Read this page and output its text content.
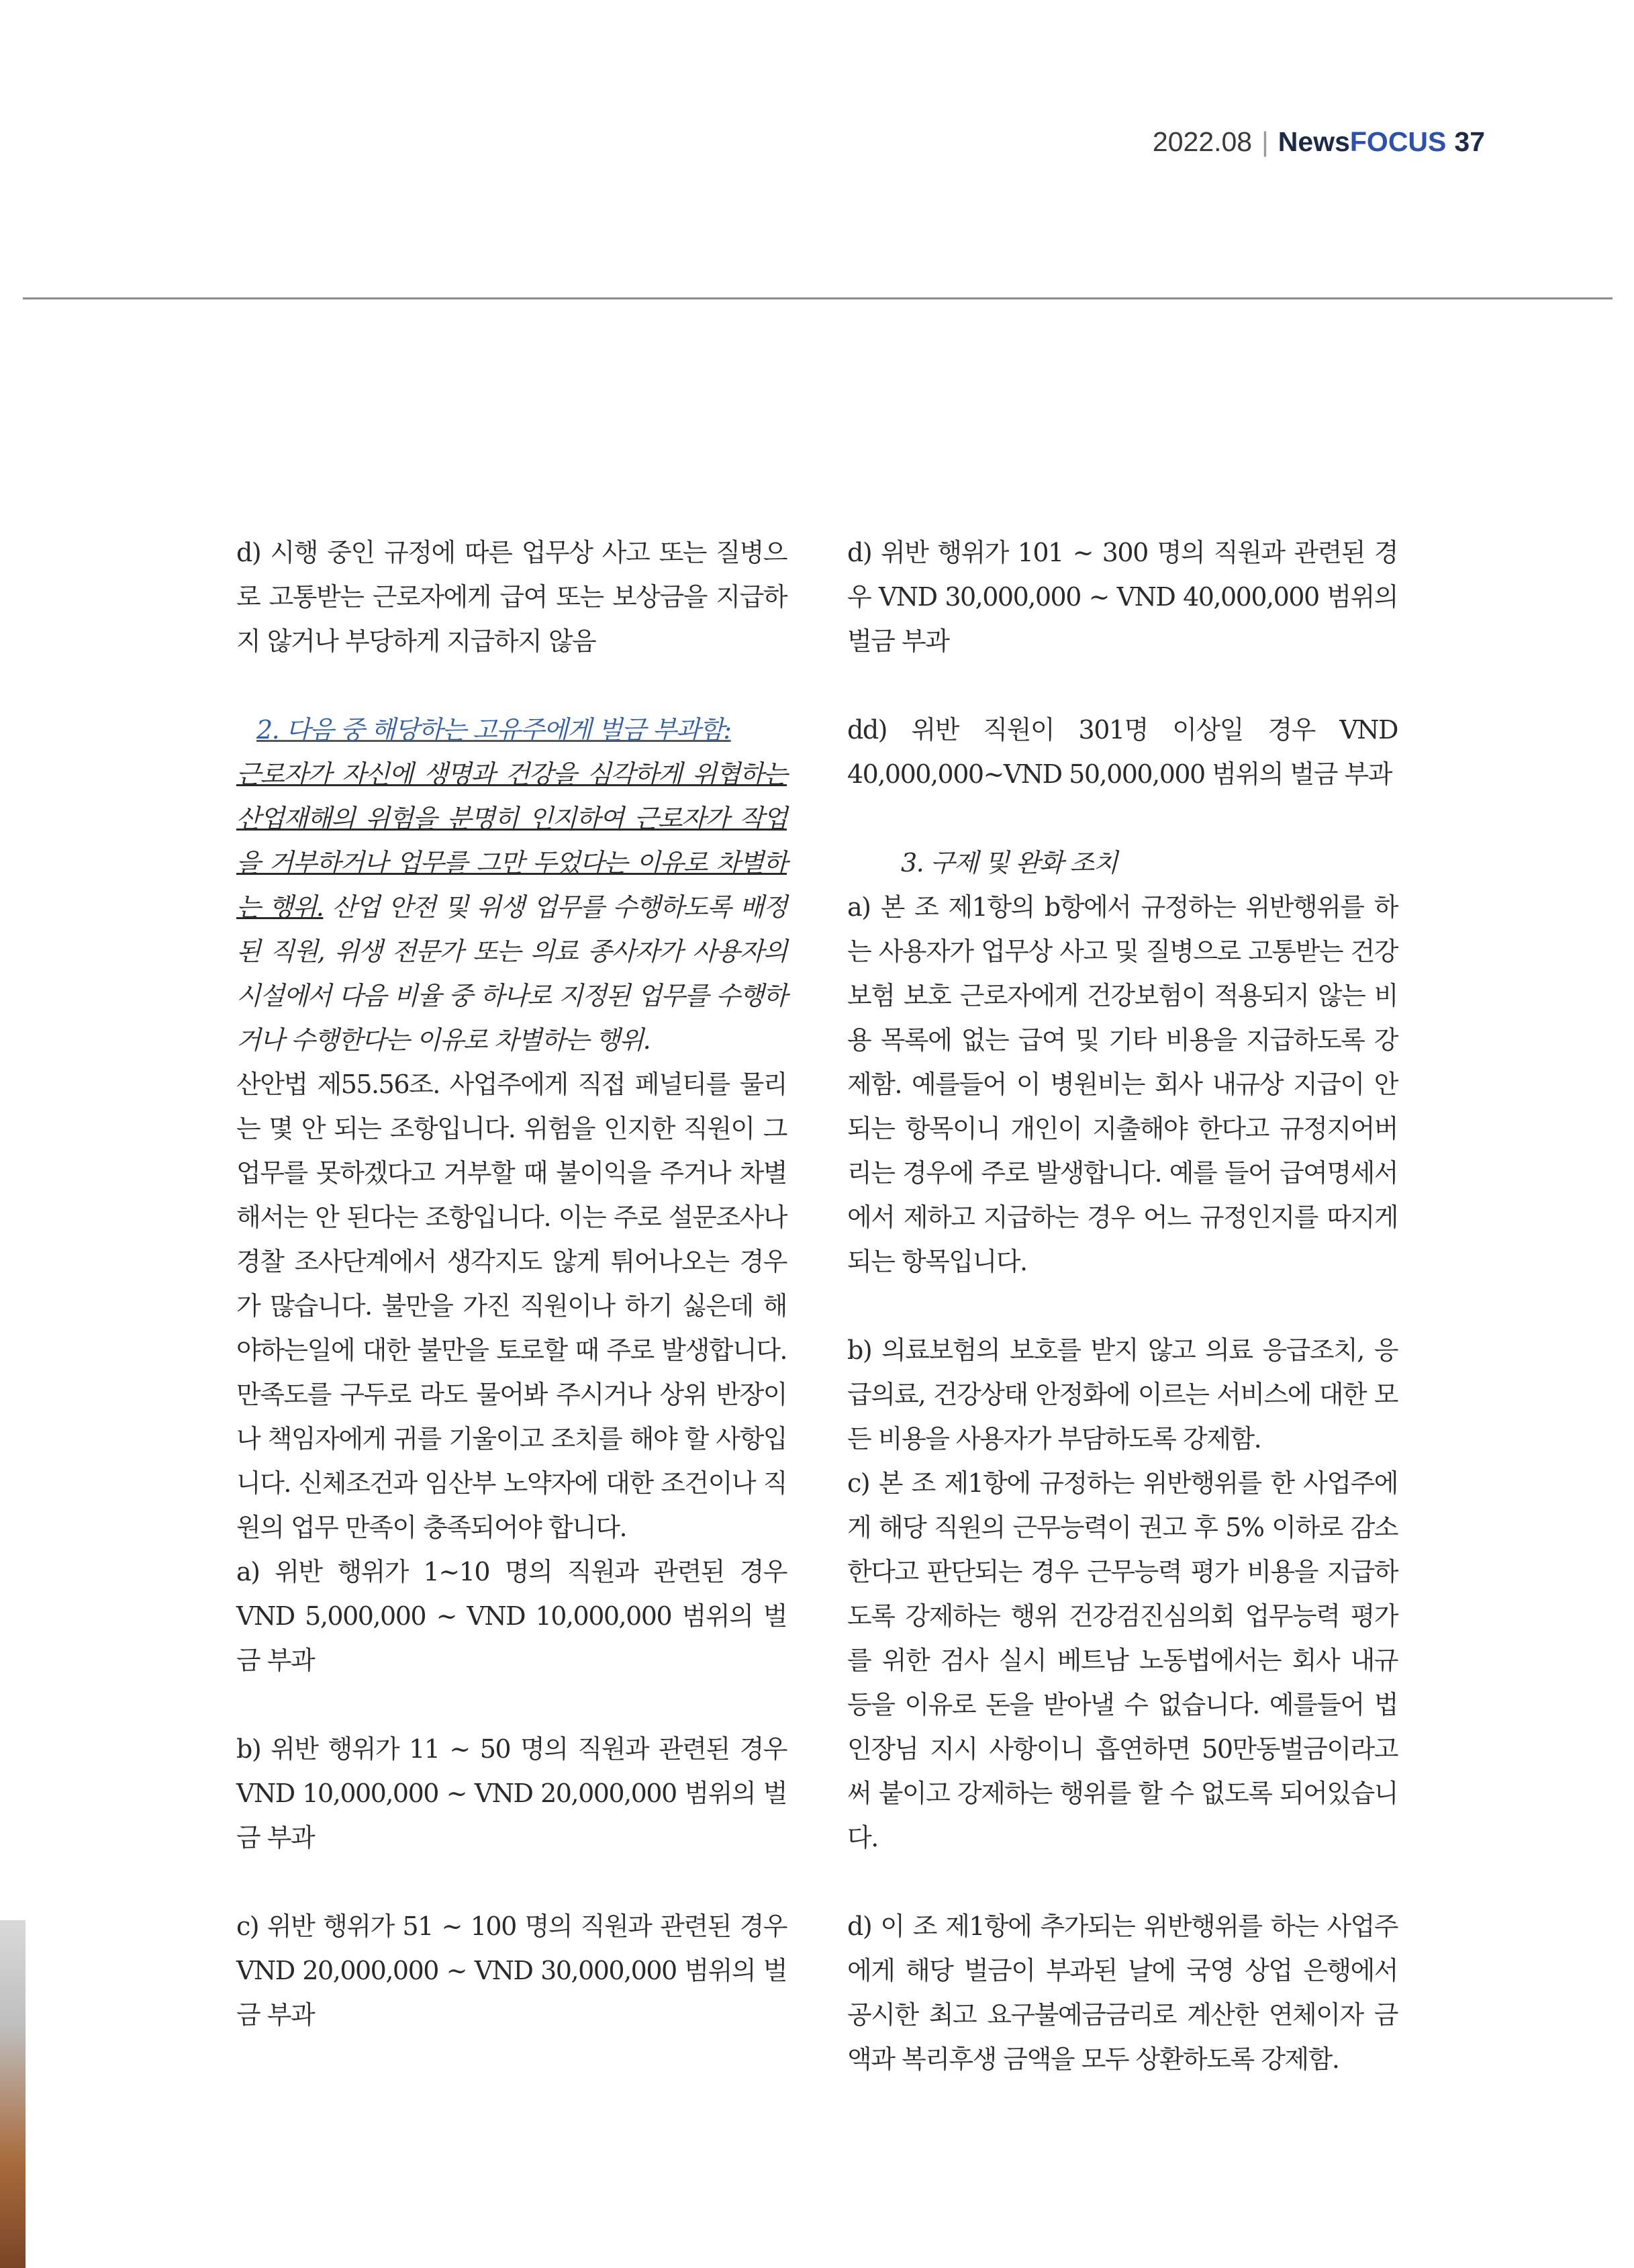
2022.08 | NewsFOCUS 37

d) 시행 중인 규정에 따른 업무상 사고 또는 질병으로 고통받는 근로자에게 급여 또는 보상금을 지급하지 않거나 부당하게 지급하지 않음

2. 다음 중 해당하는 고유주에게 벌금 부과함:

근로자가 자신에 생명과 건강을 심각하게 위협하는 산업재해의 위험을 분명히 인지하여 근로자가 작업을 거부하거나 업무를 그만 두었다는 이유로 차별하는 행위. 산업 안전 및 위생 업무를 수행하도록 배정된 직원, 위생 전문가 또는 의료 종사자가 사용자의 시설에서 다음 비율 중 하나로 지정된 업무를 수행하거나 수행한다는 이유로 차별하는 행위.

산안법 제55.56조. 사업주에게 직접 페널티를 물리는 몇 안 되는 조항입니다. 위험을 인지한 직원이 그 업무를 못하겠다고 거부할 때 불이익을 주거나 차별해서는 안 된다는 조항입니다. 이는 주로 설문조사나 경찰 조사단계에서 생각지도 않게 튀어나오는 경우가 많습니다. 불만을 가진 직원이나 하기 싫은데 해야하는일에 대한 불만을 토로할 때 주로 발생합니다. 만족도를 구두로 라도 물어봐 주시거나 상위 반장이나 책임자에게 귀를 기울이고 조치를 해야 할 사항입니다. 신체조건과 임산부 노약자에 대한 조건이나 직원의 업무 만족이 충족되어야 합니다.

a) 위반 행위가 1~10 명의 직원과 관련된 경우 VND 5,000,000 ~ VND 10,000,000 범위의 벌금 부과

b) 위반 행위가 11 ~ 50 명의 직원과 관련된 경우 VND 10,000,000 ~ VND 20,000,000 범위의 벌금 부과

c) 위반 행위가 51 ~ 100 명의 직원과 관련된 경우 VND 20,000,000 ~ VND 30,000,000 범위의 벌금 부과

d) 위반 행위가 101 ~ 300 명의 직원과 관련된 경우 VND 30,000,000 ~ VND 40,000,000 범위의 벌금 부과

dd) 위반 직원이 301명 이상일 경우 VND 40,000,000~VND 50,000,000 범위의 벌금 부과

3. 구제 및 완화 조치

a) 본 조 제1항의 b항에서 규정하는 위반행위를 하는 사용자가 업무상 사고 및 질병으로 고통받는 건강보험 보호 근로자에게 건강보험이 적용되지 않는 비용 목록에 없는 급여 및 기타 비용을 지급하도록 강제함. 예를들어 이 병원비는 회사 내규상 지급이 안되는 항목이니 개인이 지출해야 한다고 규정지어버리는 경우에 주로 발생합니다. 예를 들어 급여명세서에서 제하고 지급하는 경우 어느 규정인지를 따지게 되는 항목입니다.

b) 의료보험의 보호를 받지 않고 의료 응급조치, 응급의료, 건강상태 안정화에 이르는 서비스에 대한 모든 비용을 사용자가 부담하도록 강제함.

c) 본 조 제1항에 규정하는 위반행위를 한 사업주에게 해당 직원의 근무능력이 권고 후 5% 이하로 감소한다고 판단되는 경우 근무능력 평가 비용을 지급하도록 강제하는 행위 건강검진심의회 업무능력 평가를 위한 검사 실시 베트남 노동법에서는 회사 내규 등을 이유로 돈을 받아낼 수 없습니다. 예를들어 법인장님 지시 사항이니 흡연하면 50만동벌금이라고 써 붙이고 강제하는 행위를 할 수 없도록 되어있습니다.

d) 이 조 제1항에 추가되는 위반행위를 하는 사업주에게 해당 벌금이 부과된 날에 국영 상업 은행에서 공시한 최고 요구불예금금리로 계산한 연체이자 금액과 복리후생 금액을 모두 상환하도록 강제함.
